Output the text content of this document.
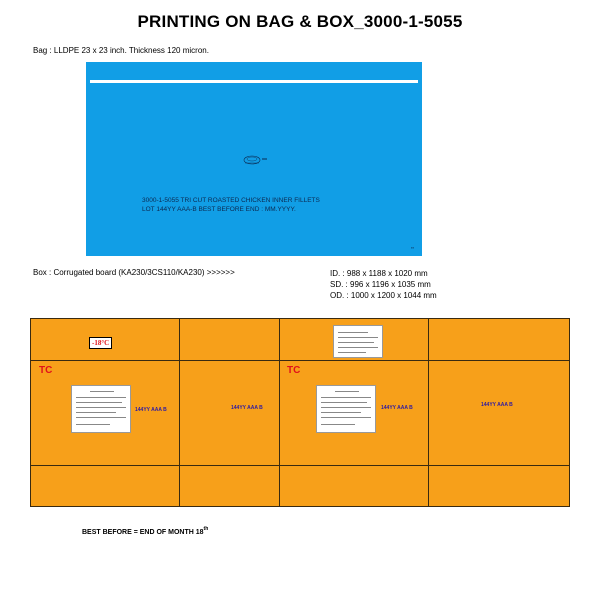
PRINTING ON BAG & BOX_3000-1-5055
Bag : LLDPE 23 x 23 inch. Thickness 120 micron.
3000-1-5055 TRI CUT ROASTED CHICKEN INNER FILLETS
LOT 144YY AAA-B BEST BEFORE END : MM.YYYY.
▪▪
Box : Corrugated board (KA230/3CS110/KA230) >>>>>>	ID. : 988 x 1188 x 1020 mm
SD. : 996 x 1196 x 1035 mm
OD. : 1000 x 1200 x 1044 mm
-18°C
TC	TC
144YY AAA B	144YY AAA B	144YY AAA B	144YY AAA B
BEST BEFORE = END OF MONTH 18th
